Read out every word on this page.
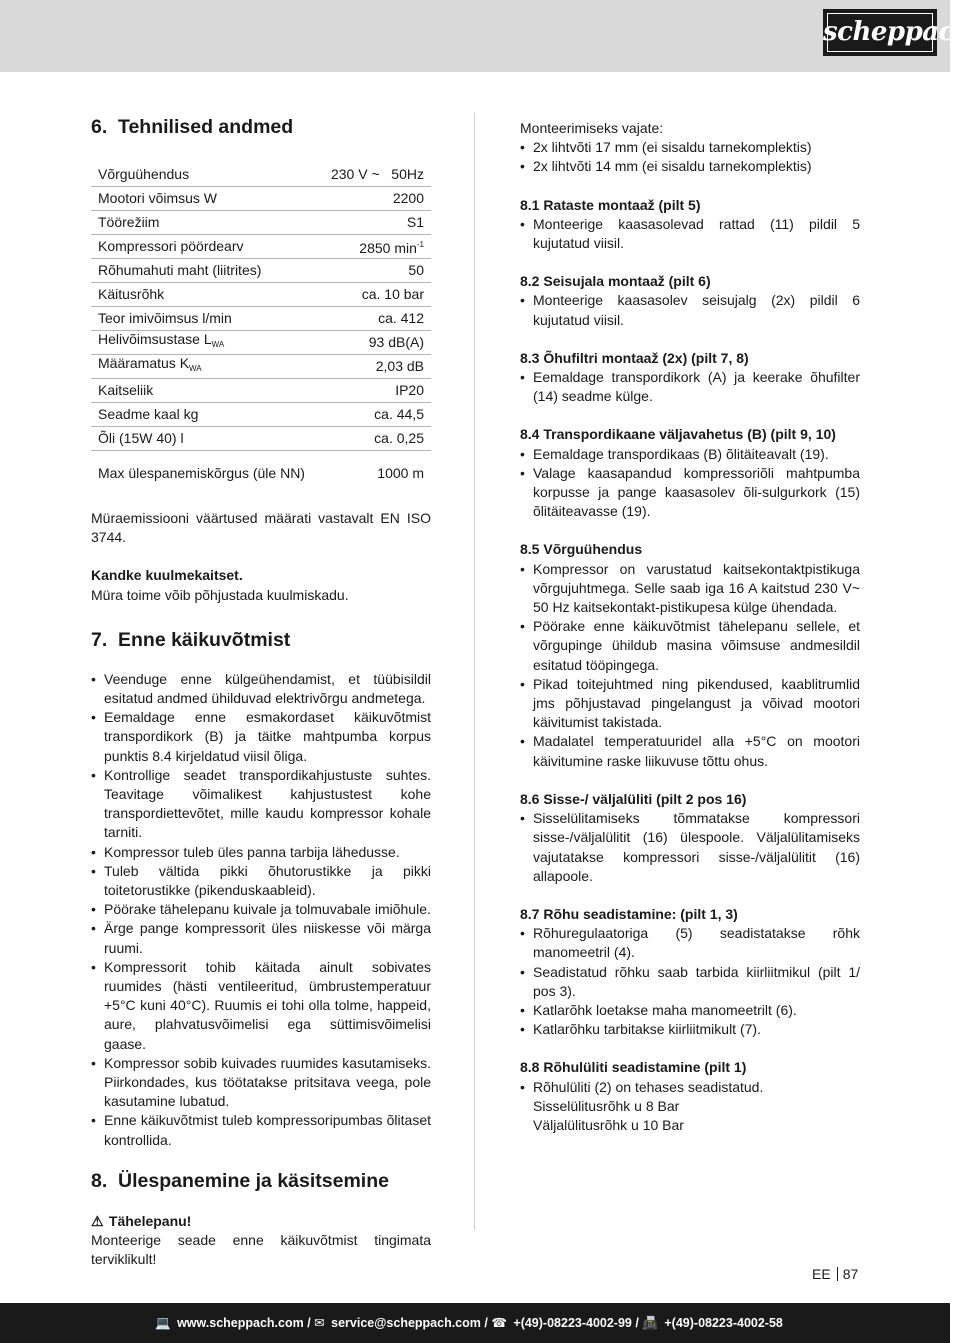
scheppach
6. Tehnilised andmed
Võrguühendus	230 V ~   50Hz
Mootori võimsus W	2200
Töörežiim	S1
Kompressori pöördearv	2850 $\min^{-1}$
Rõhumahuti maht (liitrites)	50
Käitusrõhk	ca. 10 bar
Teor imivõimsus l/min	ca. 412
Helivõimsustase $L_{WA}$	93 dB(A)
Määramatus $K_{WA}$	2,03 dB
Kaitseliik	IP20
Seadme kaal kg	ca. 44,5
Õli (15W 40) l	ca. 0,25
Max ülespanemiskõrgus (üle NN)	1000 m

Müraemissiooni väärtused määrati vastavalt EN ISO 3744.

Kandke kuulmekaitset.

Müra toime võib põhjustada kuulmiskadu.

7. Enne käikuvõtmist
• Veenduge enne külgeühendamist, et tüübisildil esitatud andmed ühilduvad elektrivõrgu andmetega.
• Eemaldage enne esmakordaset käikuvõtmist transpordikork (B) ja täitke mahtpumba korpus punktis 8.4 kirjeldatud viisil õliga.
• Kontrollige seadet transpordikahjustuste suhtes. Teavitage võimalikest kahjustustest kohe transpordiettevõtet, mille kaudu kompressor kohale tarniti.
• Kompressor tuleb üles panna tarbija lähedusse.
• Tuleb vältida pikki õhutorustikke ja pikki toitetorustikke (pikenduskaableid).
• Pöörake tähelepanu kuivale ja tolmuvabale imiõhule.
• Ärge pange kompressorit üles niiskesse või märga ruumi.
• Kompressorit tohib käitada ainult sobivates ruumides (hästi ventileeritud, ümbrustemperatuur +5°C kuni 40°C). Ruumis ei tohi olla tolme, happeid, aure, plahvatusvõimelisi ega süttimisvõimelisi gaase.
• Kompressor sobib kuivades ruumides kasutamiseks. Piirkondades, kus töötatakse pritsitava veega, pole kasutamine lubatud.
• Enne käikuvõtmist tuleb kompressoripumbas õlitaset kontrollida.
8. Ülespanemine ja käsitsemine

⚠ Tähelepanu!

Monteerige seade enne käikuvõtmist tingimata terviklikult!

Monteerimiseks vajate:

• 2x lihtvõti 17 mm (ei sisaldu tarnekomplektis)
• 2x lihtvõti 14 mm (ei sisaldu tarnekomplektis)
8.1 Rataste montaaž (pilt 5)
• Monteerige kaasasolevad rattad (11) pildil 5 kujutatud viisil.
8.2 Seisujala montaaž (pilt 6)
• Monteerige kaasasolev seisujalg (2x) pildil 6 kujutatud viisil.
8.3 Õhufiltri montaaž (2x) (pilt 7, 8)
• Eemaldage transpordikork (A) ja keerake õhufilter (14) seadme külge.
8.4 Transpordikaane väljavahetus (B) (pilt 9, 10)
• Eemaldage transpordikaas (B) õlitäiteavalt (19).
• Valage kaasapandud kompressoriõli mahtpumba korpusse ja pange kaasasolev õli-sulgurkork (15) õlitäiteavasse (19).
8.5 Võrguühendus
• Kompressor on varustatud kaitsekontaktpistikuga võrgujuhtmega. Selle saab iga 16 A kaitstud 230 V~ 50 Hz kaitsekontakt-pistikupesa külge ühendada.
• Pöörake enne käikuvõtmist tähelepanu sellele, et võrgupinge ühildub masina võimsuse andmesildil esitatud tööpingega.
• Pikad toitejuhtmed ning pikendused, kaablitrumlid jms põhjustavad pingelangust ja võivad mootori käivitumist takistada.
• Madalatel temperatuuridel alla +5°C on mootori käivitumine raske liikuvuse tõttu ohus.
8.6 Sisse-/ väljalüliti (pilt 2 pos 16)
• Sisselülitamiseks tõmmatakse kompressori sisse-/väljalülitit (16) ülespoole. Väljalülitamiseks vajutatakse kompressori sisse-/väljalülitit (16) allapoole.
8.7 Rõhu seadistamine: (pilt 1, 3)
• Rõhuregulaatoriga (5) seadistatakse rõhk manomeetril (4).
• Seadistatud rõhku saab tarbida kiirliitmikul (pilt 1/ pos 3).
• Katlarõhk loetakse maha manomeetrilt (6).
• Katlarõhku tarbitakse kiirliitmikult (7).
8.8 Rõhulüliti seadistamine (pilt 1)
• Rõhulüliti (2) on tehases seadistatud.
Sisselülitusrõhk u 8 Bar
Väljalülitusrõhk u 10 Bar
EE 87
💻 www.scheppach.com / ✉ service@scheppach.com / ☎ +(49)-08223-4002-99 / 📠 +(49)-08223-4002-58
